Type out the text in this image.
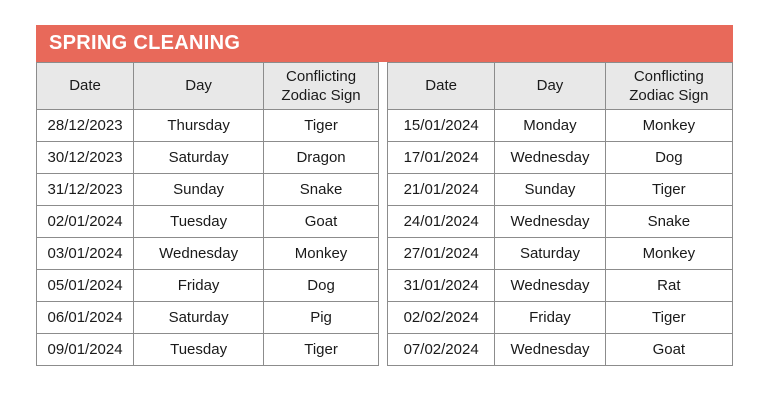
SPRING CLEANING
Date	Day	Conflicting Zodiac Sign
28/12/2023	Thursday	Tiger
30/12/2023	Saturday	Dragon
31/12/2023	Sunday	Snake
02/01/2024	Tuesday	Goat
03/01/2024	Wednesday	Monkey
05/01/2024	Friday	Dog
06/01/2024	Saturday	Pig
09/01/2024	Tuesday	Tiger
Date	Day	Conflicting Zodiac Sign
15/01/2024	Monday	Monkey
17/01/2024	Wednesday	Dog
21/01/2024	Sunday	Tiger
24/01/2024	Wednesday	Snake
27/01/2024	Saturday	Monkey
31/01/2024	Wednesday	Rat
02/02/2024	Friday	Tiger
07/02/2024	Wednesday	Goat
